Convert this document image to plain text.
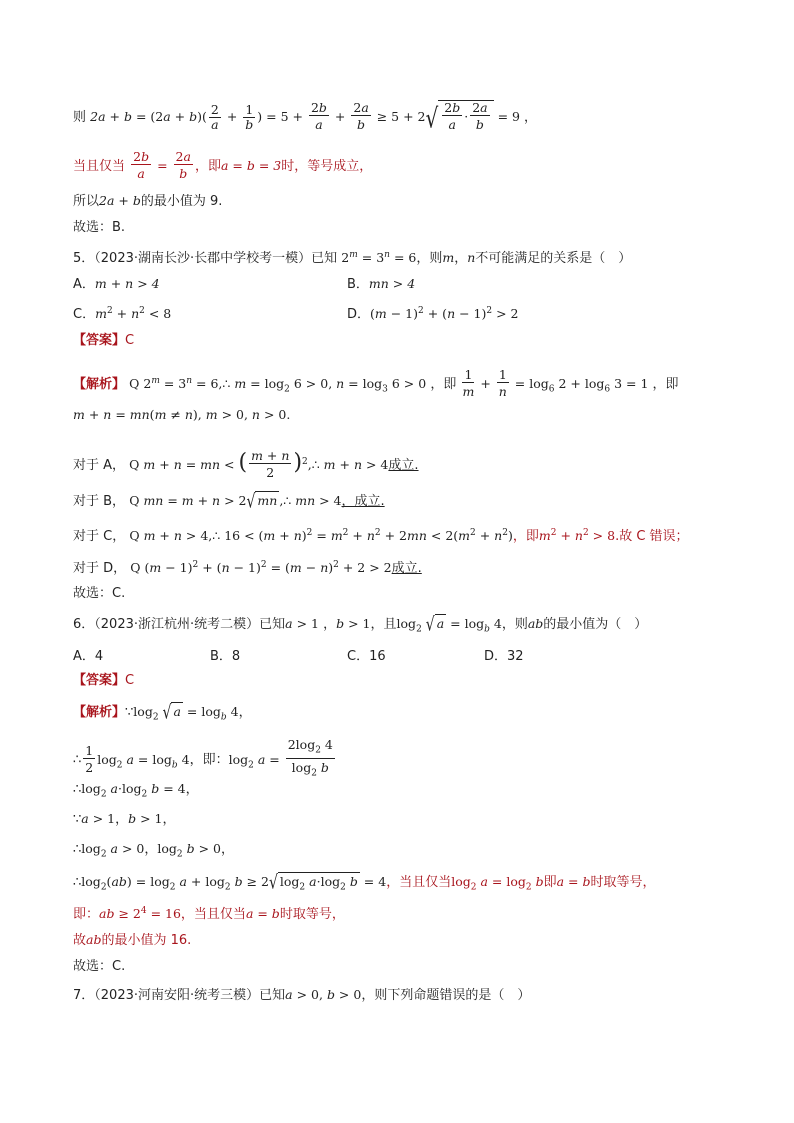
则 $2a + b = (2a + b)( \frac{2}{a} + \frac{1}{b}$ ) = $5 + \frac{2b}{a} + \frac{2a}{b} \ge 5 + 2√ \frac{2b}{a} \cdot \frac{2a}{b} = 9$ ，
当且仅当 $\frac{2b}{a} = \frac{2a}{b}$ ，即a = b = 3时，等号成立，
所以2a + b的最小值为 9.
故选：B.
5．（2023·湖南长沙·长郡中学校考一模）已知 $2^m = 3^n = 6$，则m，n不可能满足的关系是（　）
A．m + n > 4	B．mn > 4
C．$m^2 + n^2 < 8$	D．$(m - 1)^2 + (n - 1)^2 > 2$
【答案】C
【解析】 Q $2^m = 3^n$ = 6,∴ $m = \log_2 6 > 0$, $n = \log_3 6 > 0$ ，即 $\frac{1}{m} + \frac{1}{n} = \log_6 2 + \log_6 3 = 1$ ，即
m + n = mn(m ≠ n), m > 0, n > 0.
对于 A， Q m + n = mn < ( m + n
2 )$^2$,∴ m + n > 4成立.
对于 B， Q mn = m + n > 2√ mn ,∴ mn > 4，成立.
对于 C， Q m + n > 4,∴ $16 < (m + n)^2 = m^2 + n^2 + 2mn < 2(m^2 + n^2)$，即$m^2 + n^2 > 8$.故 C 错误；
对于 D， Q $(m - 1)^2 + (n - 1)^2 = (m - n)^2 + 2 > 2$成立.
故选：C.
6．（2023·浙江杭州·统考二模）已知a > 1 ，b > 1，且$\log_2$ √ $a = \log_b 4$，则ab的最小值为（　）
A．4	B．8	C．16	D．32
【答案】C
【解析】$\because\log_2$ √ $a = \log_b 4$，
∴
1
$2\log_2$ $a = \log_b 4$，即：$\log_2 a$ =
$2\log_2$ 4
$\log_2 b$
$\therefore\log_2$ $a\cdot\log_2$ b = 4，
∵a > 1，b > 1，
$\therefore\log_2$ a > 0，$\log_2 b > 0$，
$\therefore\log_2(ab) = \log_2 a + \log_2 b \ge 2√$ $\log_2 a\cdot\log_2$ b = 4，当且仅当$\log_2 a = \log_2 b$即a = b时取等号，
即：ab ≥ $2^4 = 16$，当且仅当a = b时取等号，
故ab的最小值为 16.
故选：C.
7．（2023·河南安阳·统考三模）已知a > 0, b > 0，则下列命题错误的是（　）
